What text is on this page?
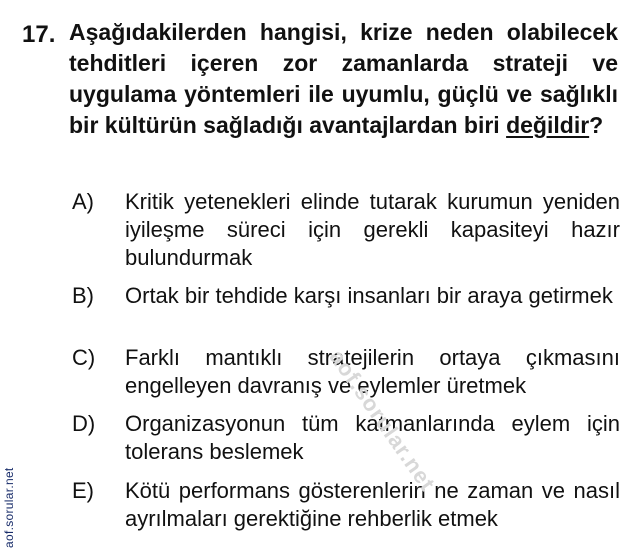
17. Aşağıdakilerden hangisi, krize neden olabilecek tehditleri içeren zor zamanlarda strateji ve uygulama yöntemleri ile uyumlu, güçlü ve sağlıklı bir kültürün sağladığı avantajlardan biri değildir?
A) Kritik yetenekleri elinde tutarak kurumun yeniden iyileşme süreci için gerekli kapasiteyi hazır bulundurmak
B) Ortak bir tehdide karşı insanları bir araya getirmek
C) Farklı mantıklı stratejilerin ortaya çıkmasını engelleyen davranış ve eylemler üretmek
D) Organizasyonun tüm katmanlarında eylem için tolerans beslemek
E) Kötü performans gösterenlerin ne zaman ve nasıl ayrılmaları gerektiğine rehberlik etmek
aof.sorular.net
aof.sorular.net
